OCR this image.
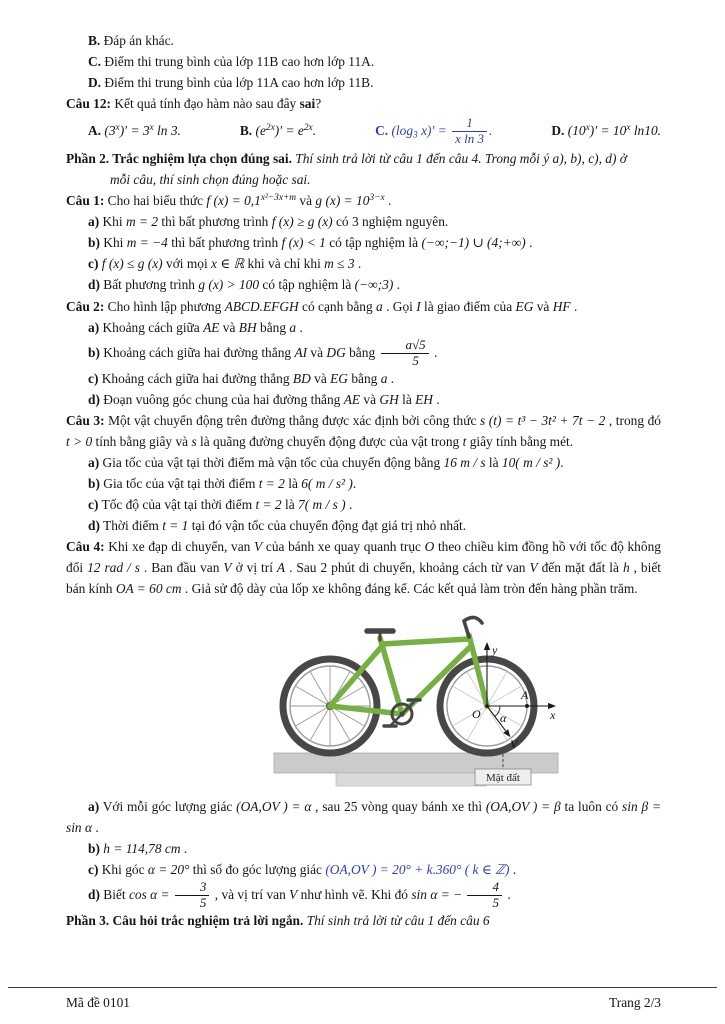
B. Đáp án khác.

C. Điểm thi trung bình của lớp 11B cao hơn lớp 11A.

D. Điểm thi trung bình của lớp 11A cao hơn lớp 11B.

Câu 12: Kết quả tính đạo hàm nào sau đây sai?

A. $(3^x)' = 3^x$ ln 3.	B. $(e^{2x})' = e^{2x}$.	C. ($\log_3$ $x)' = \frac{1}{\text{x ln 3}}$ .	D. $(10^x)' = 10^x$ ln10.

Phần 2. Trắc nghiệm lựa chọn đúng sai. Thí sinh trả lời từ câu 1 đến câu 4. Trong mỗi ý a), b), c), d) ở

mỗi câu, thí sinh chọn đúng hoặc sai.

Câu 1: Cho hai biểu thức f $(x) = 0,1^{x^2-3x+m}$ và g $(x) = 10^{3-x}$ .

a) Khi m = 2 thì bất phương trình f (x) ≥ g (x) có 3 nghiệm nguyên.

b) Khi m = −4 thì bất phương trình f (x) < 1 có tập nghiệm là (−∞;−1) ∪ (4;+∞) .

c) f (x) ≤ g (x) với mọi x ∈ ℝ khi và chỉ khi m ≤ 3 .

d) Bất phương trình g (x) > 100 có tập nghiệm là (−∞;3) .

Câu 2: Cho hình lập phương ABCD.EFGH có cạnh bằng a . Gọi I là giao điểm của EG và HF .

a) Khoảng cách giữa AE và BH bằng a .

b) Khoảng cách giữa hai đường thẳng AI và DG bằng $\frac{a√5}{5}$ .

c) Khoảng cách giữa hai đường thẳng BD và EG bằng a .

d) Đoạn vuông góc chung của hai đường thẳng AE và GH là EH .

Câu 3: Một vật chuyển động trên đường thẳng được xác định bởi công thức s (t) = t³ − 3t² + 7t − 2 , trong đó t > 0 tính bằng giây và s là quãng đường chuyển động được của vật trong t giây tính bằng mét.

a) Gia tốc của vật tại thời điểm mà vận tốc của chuyển động bằng 16 m / s là 10( m / s² ).

b) Gia tốc của vật tại thời điểm t = 2 là 6( m / s² ).

c) Tốc độ của vật tại thời điểm t = 2 là 7( m / s ) .

d) Thời điểm t = 1 tại đó vận tốc của chuyển động đạt giá trị nhỏ nhất.

Câu 4: Khi xe đạp di chuyển, van V của bánh xe quay quanh trục O theo chiều kim đồng hồ với tốc độ không đổi 12 rad / s . Ban đầu van V ở vị trí A . Sau 2 phút di chuyển, khoảng cách từ van V đến mặt đất là h , biết bán kính OA = 60 cm . Giả sử độ dày của lốp xe không đáng kể. Các kết quả làm tròn đến hàng phần trăm.

y
x
A
O α
V
Mặt đất

a) Với mỗi góc lượng giác (OA,OV ) = α , sau 25 vòng quay bánh xe thì (OA,OV ) = β ta luôn có sin β = sin α .

b) h = 114,78 cm .

c) Khi góc α = 20° thì số đo góc lượng giác (OA,OV ) = 20° + k.360° ( k ∈ ℤ) .

d) Biết $\cos \alpha = \frac{3}{5}$ , và vị trí van V như hình vẽ. Khi đó sin α = − $\frac{4}{5}$ .

Phần 3. Câu hỏi trắc nghiệm trả lời ngắn. Thí sinh trả lời từ câu 1 đến câu 6

Mã đề 0101	Trang 2/3
